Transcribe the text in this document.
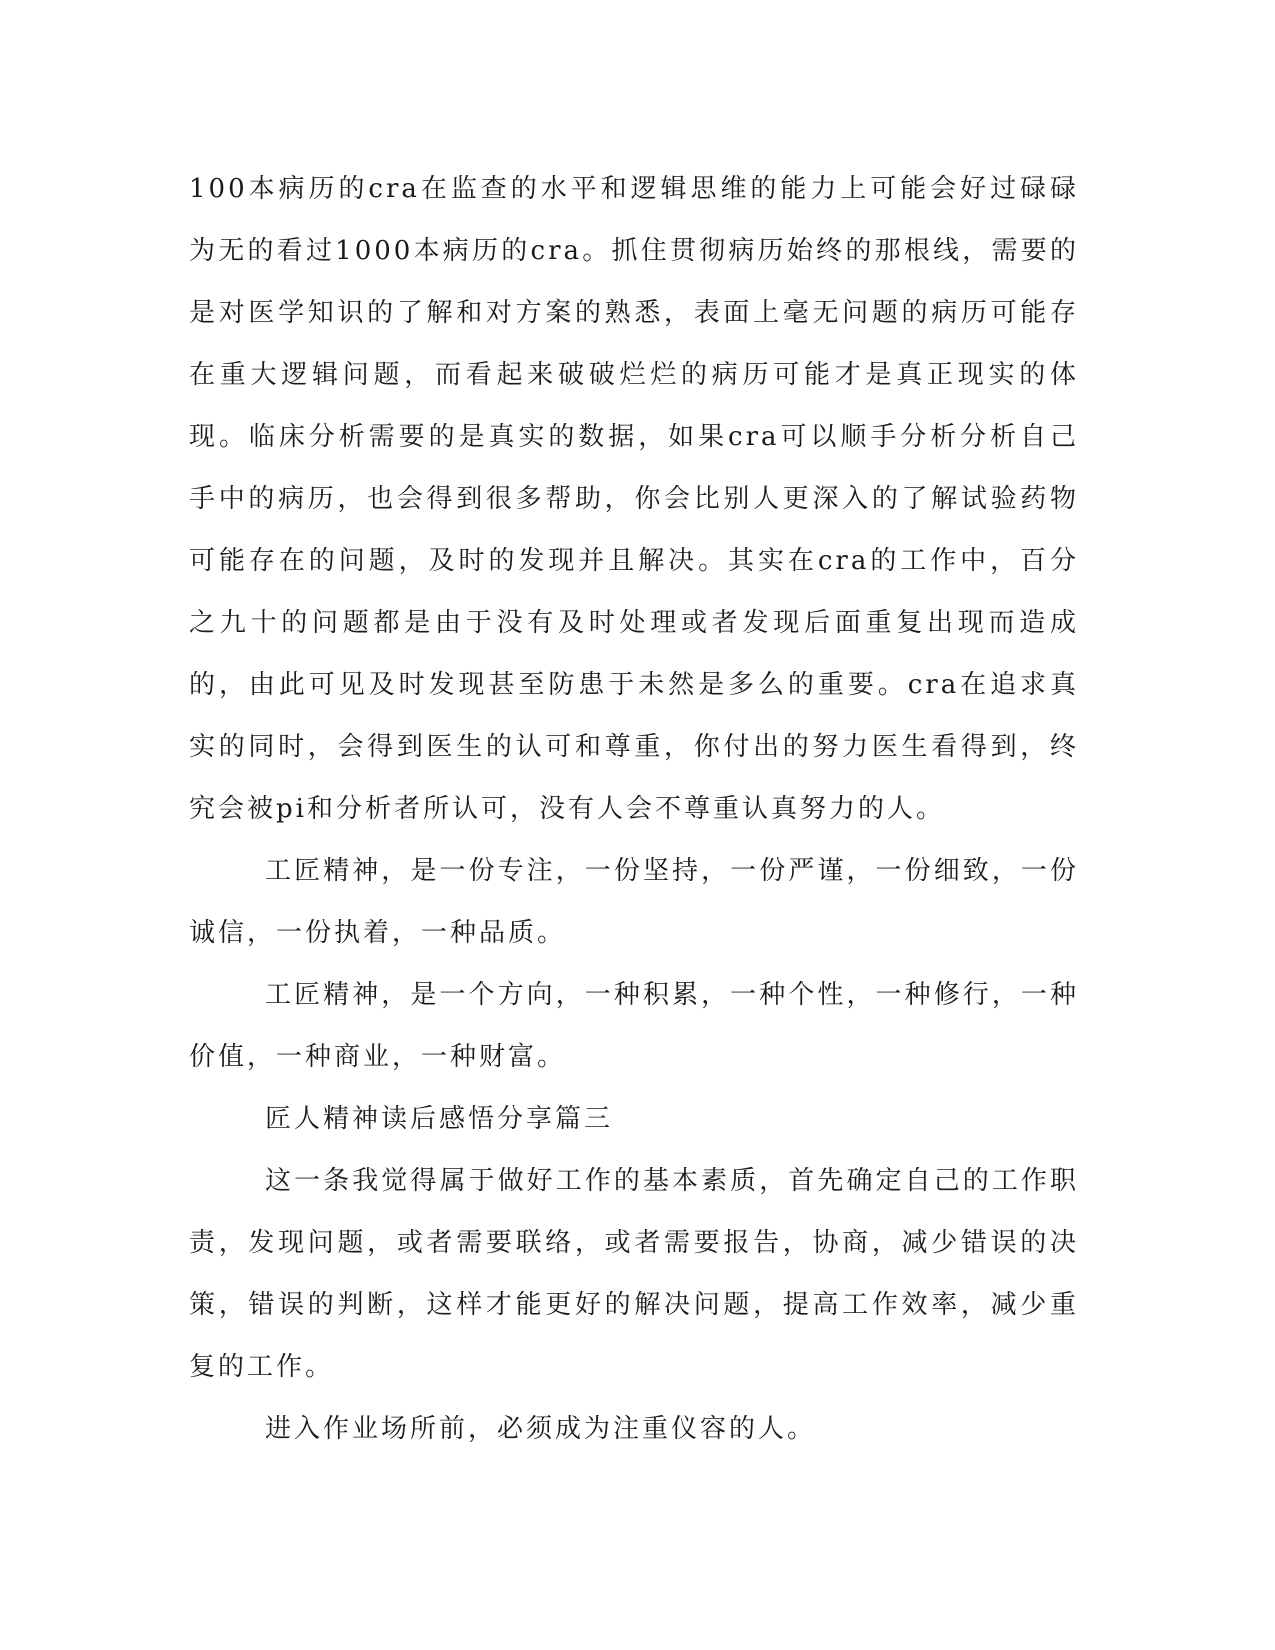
100本病历的cra在监查的水平和逻辑思维的能力上可能会好过碌碌为无的看过1000本病历的cra。抓住贯彻病历始终的那根线，需要的是对医学知识的了解和对方案的熟悉，表面上毫无问题的病历可能存在重大逻辑问题，而看起来破破烂烂的病历可能才是真正现实的体现。临床分析需要的是真实的数据，如果cra可以顺手分析分析自己手中的病历，也会得到很多帮助，你会比别人更深入的了解试验药物可能存在的问题，及时的发现并且解决。其实在cra的工作中，百分之九十的问题都是由于没有及时处理或者发现后面重复出现而造成的，由此可见及时发现甚至防患于未然是多么的重要。cra在追求真实的同时，会得到医生的认可和尊重，你付出的努力医生看得到，终究会被pi和分析者所认可，没有人会不尊重认真努力的人。

工匠精神，是一份专注，一份坚持，一份严谨，一份细致，一份诚信，一份执着，一种品质。

工匠精神，是一个方向，一种积累，一种个性，一种修行，一种价值，一种商业，一种财富。

匠人精神读后感悟分享篇三

这一条我觉得属于做好工作的基本素质，首先确定自己的工作职责，发现问题，或者需要联络，或者需要报告，协商，减少错误的决策，错误的判断，这样才能更好的解决问题，提高工作效率，减少重复的工作。

进入作业场所前，必须成为注重仪容的人。
